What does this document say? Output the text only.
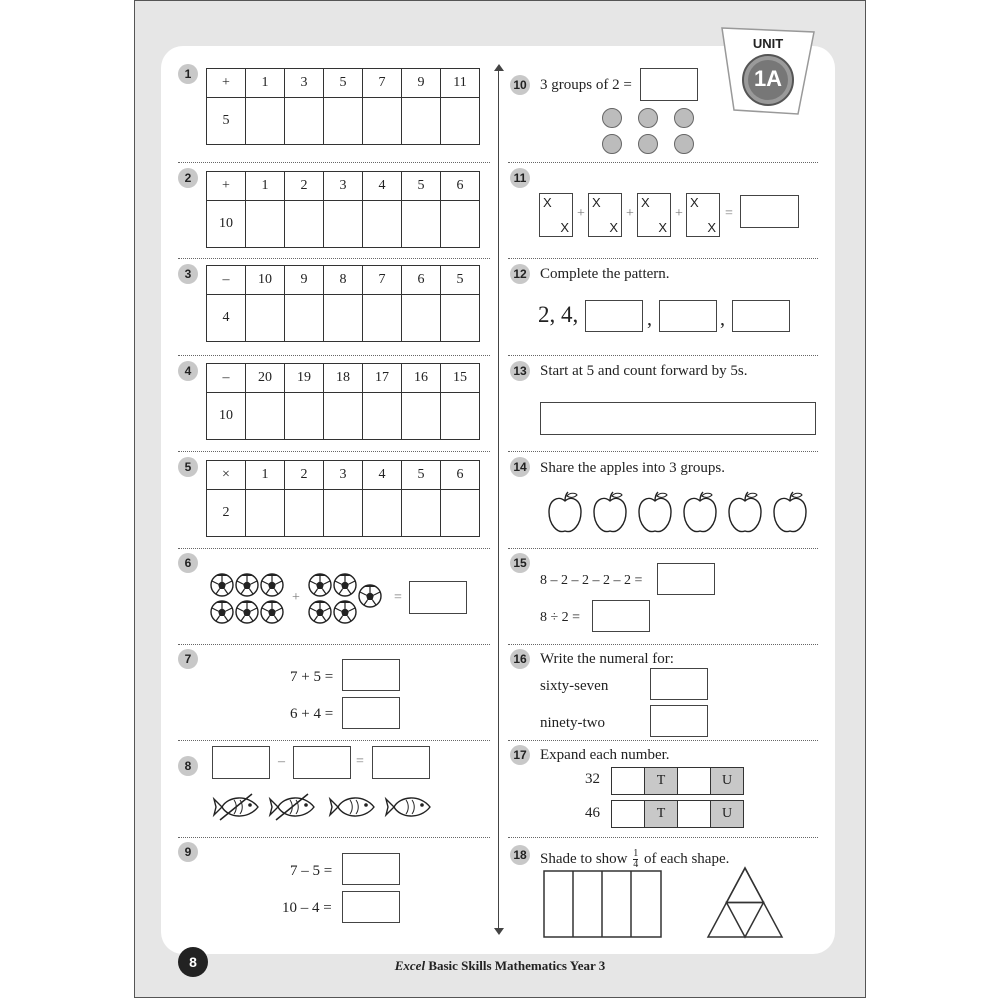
UNIT
1A
1
+	1	3	5	7	9	11
5						
2	+	1	2	3	4	5	6
10						
3	–	10	9	8	7	6	5
4						
4	–	20	19	18	17	16	15
10						
5	×	1	2	3	4	5	6
2						
6
+	=
7
7 + 5 =
6 + 4 =
8	–	=
9
7 – 5 =
10 – 4 =
10 3 groups of 2 =
11
X
X
+
X
X
+
X
X
+
X
X
=
12 Complete the pattern.
2, 4,	,	,
13 Start at 5 and count forward by 5s.
14 Share the apples into 3 groups.
15
8 – 2 – 2 – 2 – 2 =
8 ÷ 2 =
16 Write the numeral for:
sixty-seven
ninety-two
17 Expand each number.
32
		T		U
46
		T		U
18 Shade to show $\frac{1}{4}$ of each shape.
8	Excel Basic Skills Mathematics Year 3
